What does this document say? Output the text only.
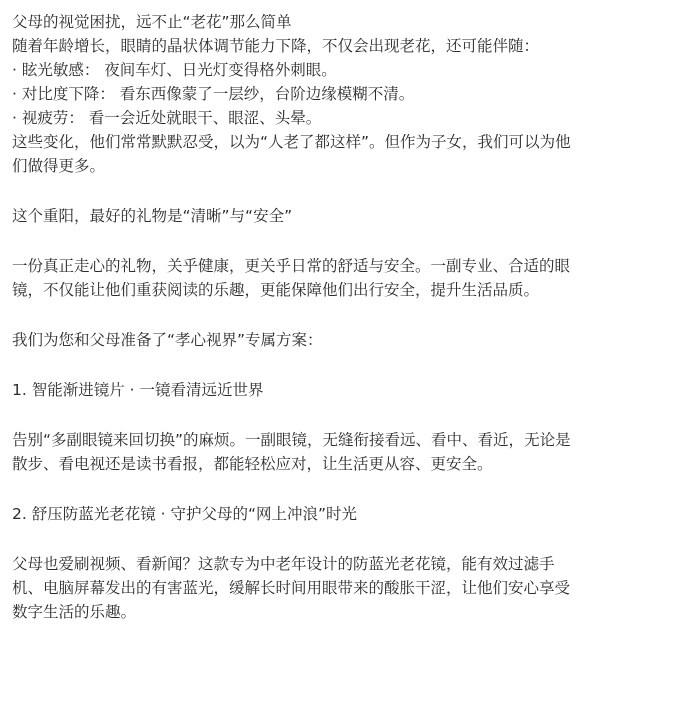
父母的视觉困扰，远不止“老花”那么简单
随着年龄增长，眼睛的晶状体调节能力下降，不仅会出现老花，还可能伴随：
· 眩光敏感： 夜间车灯、日光灯变得格外刺眼。
· 对比度下降： 看东西像蒙了一层纱，台阶边缘模糊不清。
· 视疲劳： 看一会近处就眼干、眼涩、头晕。
这些变化，他们常常默默忍受，以为“人老了都这样”。但作为子女，我们可以为他
们做得更多。
这个重阳，最好的礼物是“清晰”与“安全”
一份真正走心的礼物，关乎健康，更关乎日常的舒适与安全。一副专业、合适的眼
镜，不仅能让他们重获阅读的乐趣，更能保障他们出行安全，提升生活品质。
我们为您和父母准备了“孝心视界”专属方案：
1. 智能渐进镜片 · 一镜看清远近世界
告别“多副眼镜来回切换”的麻烦。一副眼镜，无缝衔接看远、看中、看近，无论是
散步、看电视还是读书看报，都能轻松应对，让生活更从容、更安全。
2. 舒压防蓝光老花镜 · 守护父母的“网上冲浪”时光
父母也爱刷视频、看新闻？这款专为中老年设计的防蓝光老花镜，能有效过滤手
机、电脑屏幕发出的有害蓝光，缓解长时间用眼带来的酸胀干涩，让他们安心享受
数字生活的乐趣。
